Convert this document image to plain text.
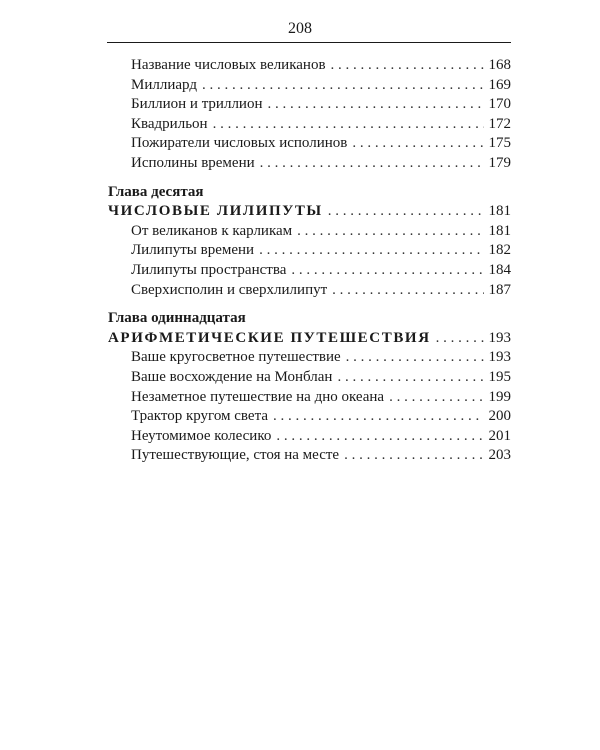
208
Название числовых великанов . . .	168
Миллиард . . .	169
Биллион и триллион . . .	170
Квадрильон . . .	172
Пожиратели числовых исполинов . . .	175
Исполины времени . . .	179
Глава десятая
ЧИСЛОВЫЕ ЛИЛИПУТЫ . . .	181
От великанов к карликам . . .	181
Лилипуты времени . . .	182
Лилипуты пространства . . .	184
Сверхисполин и сверхлилипут . . .	187
Глава одиннадцатая
АРИФМЕТИЧЕСКИЕ ПУТЕШЕСТВИЯ . . .	193
Ваше кругосветное путешествие . . .	193
Ваше восхождение на Монблан . . .	195
Незаметное путешествие на дно океана . . .	199
Трактор кругом света . . .	200
Неутомимое колесико . . .	201
Путешествующие, стоя на месте . . .	203
